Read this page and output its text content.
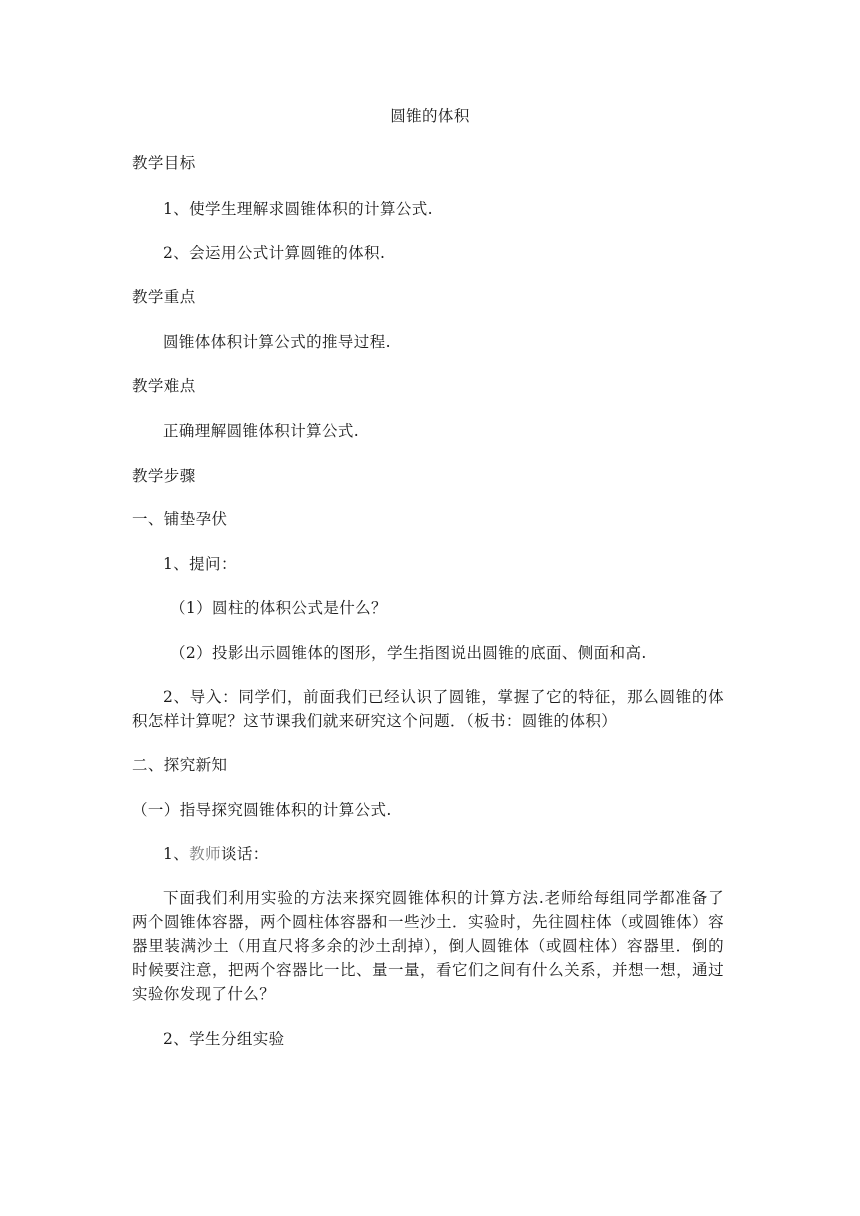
圆锥的体积
教学目标
1、使学生理解求圆锥体积的计算公式.
2、会运用公式计算圆锥的体积.
教学重点
圆锥体体积计算公式的推导过程.
教学难点
正确理解圆锥体积计算公式.
教学步骤
一、铺垫孕伏
1、提问：
（1）圆柱的体积公式是什么？
（2）投影出示圆锥体的图形，学生指图说出圆锥的底面、侧面和高.
2、导入：同学们，前面我们已经认识了圆锥，掌握了它的特征，那么圆锥的体积怎样计算呢？这节课我们就来研究这个问题．（板书：圆锥的体积）
二、探究新知
（一）指导探究圆锥体积的计算公式.
1、教师谈话：
下面我们利用实验的方法来探究圆锥体积的计算方法.老师给每组同学都准备了两个圆锥体容器，两个圆柱体容器和一些沙土．实验时，先往圆柱体（或圆锥体）容器里装满沙土（用直尺将多余的沙土刮掉），倒人圆锥体（或圆柱体）容器里．倒的时候要注意，把两个容器比一比、量一量，看它们之间有什么关系，并想一想，通过实验你发现了什么？
2、学生分组实验
